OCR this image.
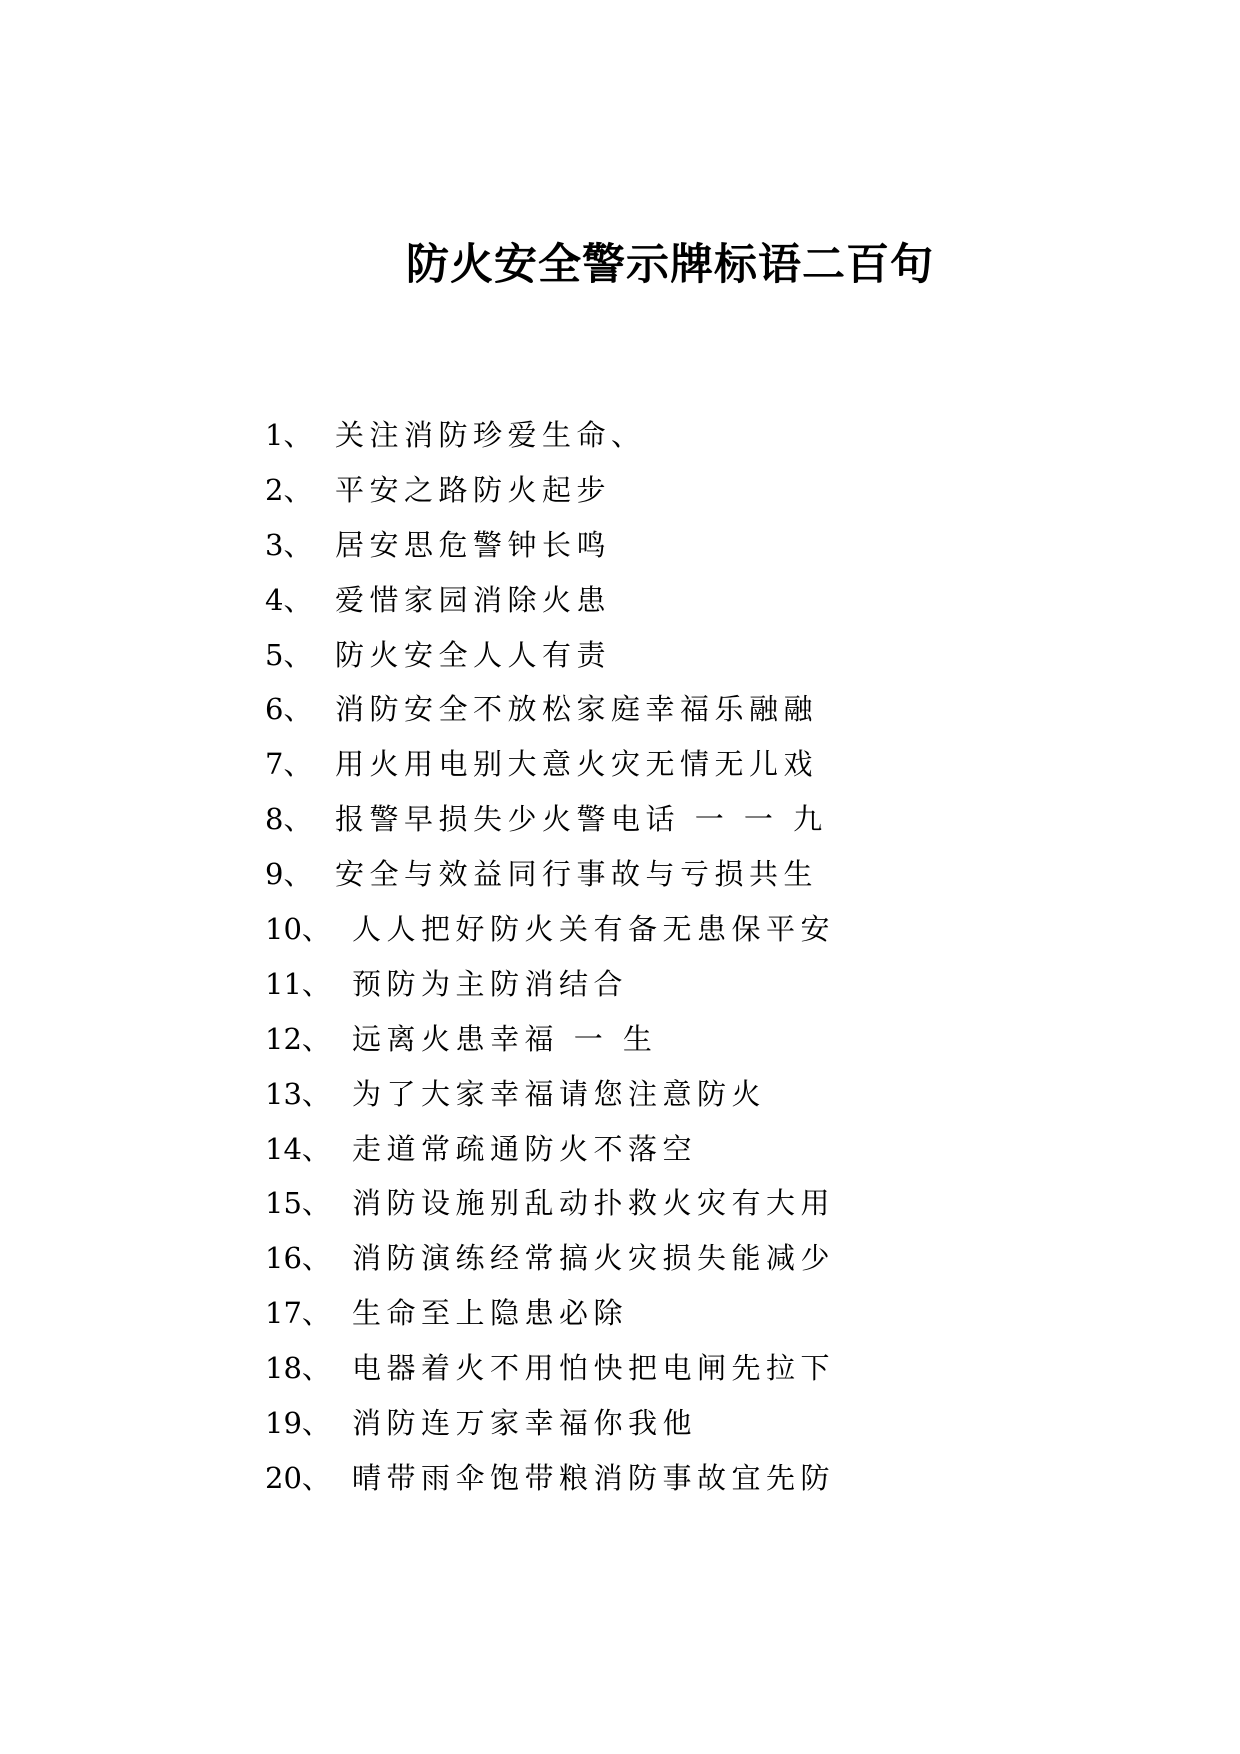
防火安全警示牌标语二百句
1、 关注消防珍爱生命、
2、 平安之路防火起步
3、 居安思危警钟长鸣
4、 爱惜家园消除火患
5、 防火安全人人有责
6、 消防安全不放松家庭幸福乐融融
7、 用火用电别大意火灾无情无儿戏
8、 报警早损失少火警电话 一 一 九
9、 安全与效益同行事故与亏损共生
10、 人人把好防火关有备无患保平安
11、 预防为主防消结合
12、 远离火患幸福 一 生
13、 为了大家幸福请您注意防火
14、 走道常疏通防火不落空
15、 消防设施别乱动扑救火灾有大用
16、 消防演练经常搞火灾损失能减少
17、 生命至上隐患必除
18、 电器着火不用怕快把电闸先拉下
19、 消防连万家幸福你我他
20、 晴带雨伞饱带粮消防事故宜先防
